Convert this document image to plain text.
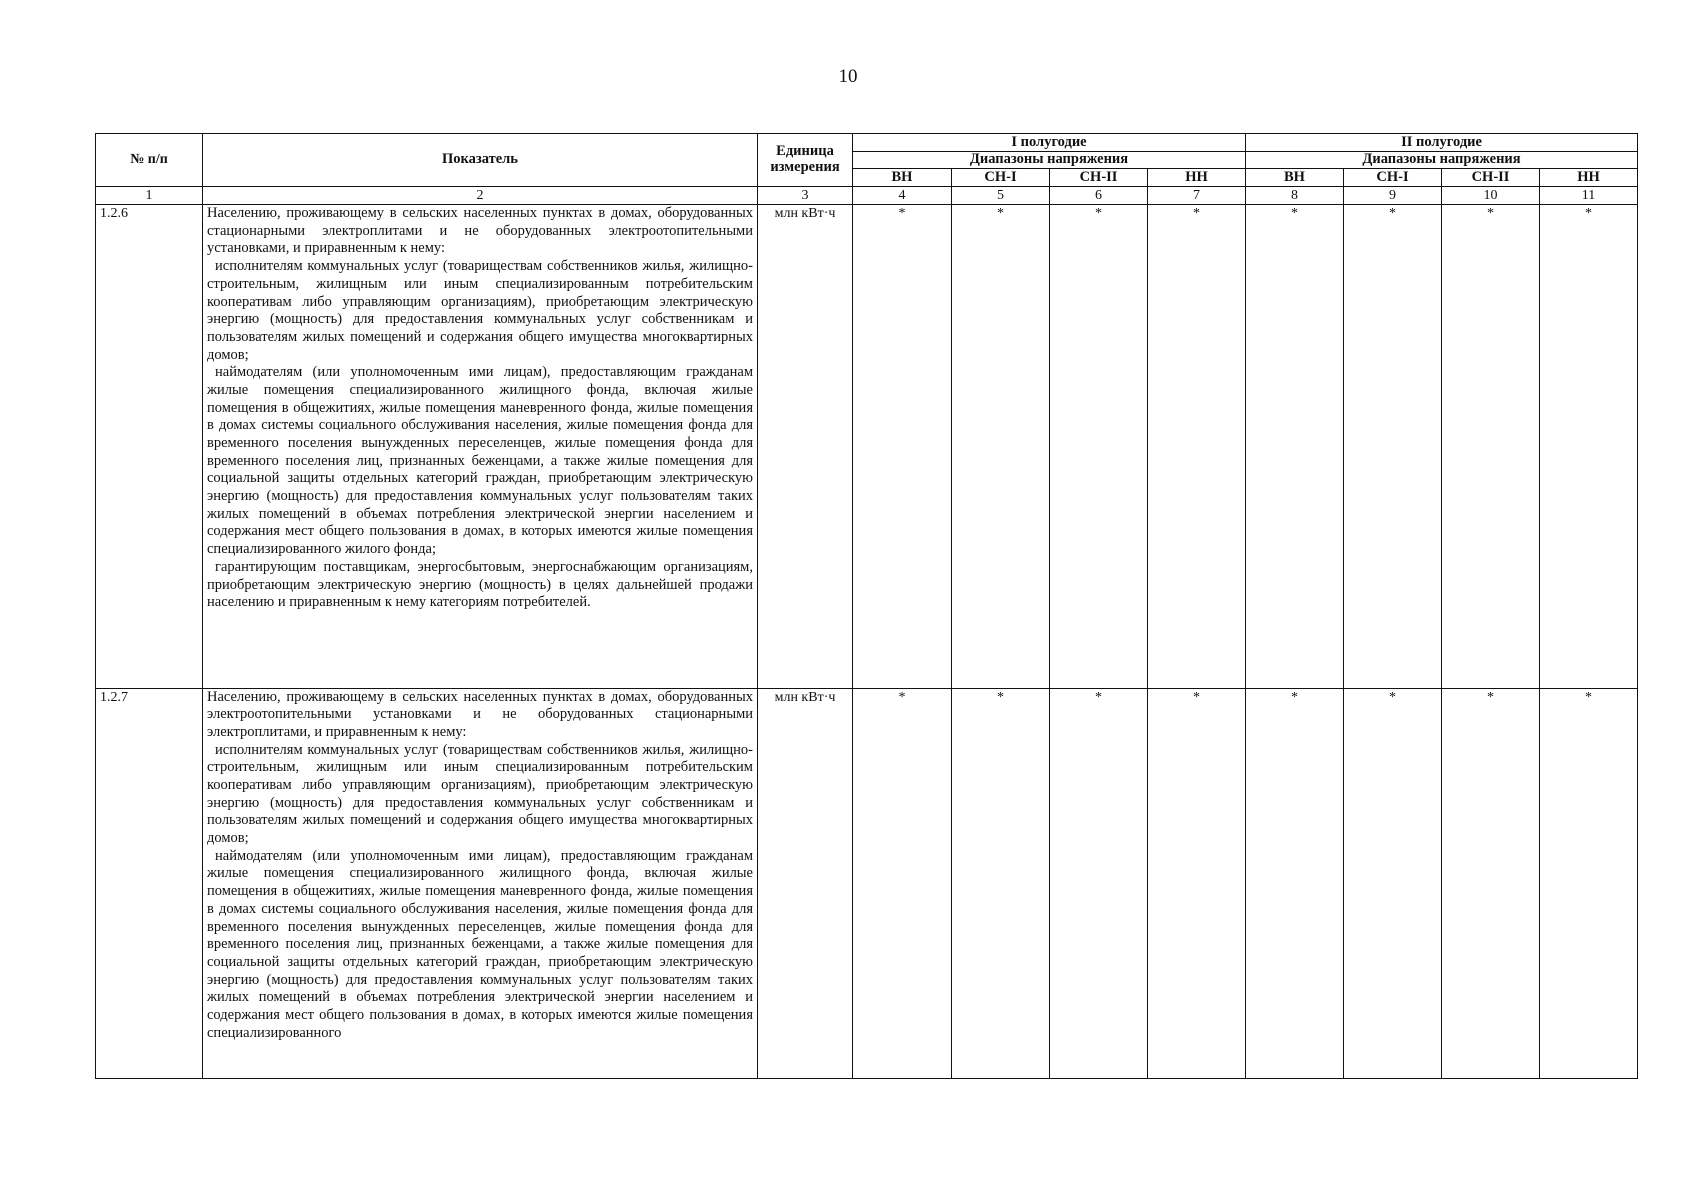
10
№ п/п	Показатель	Единица измерения	I полугодие				II полугодие			
			Диапазоны напряжения				Диапазоны напряжения			
			ВН	СН-I	СН-II	НН	ВН	СН-I	СН-II	НН
1	2	3	4	5	6	7	8	9	10	11
1.2.6	Населению, проживающему в сельских населенных пунктах в домах, оборудованных стационарными электроплитами и не оборудованных электроотопительными установками, и приравненным к нему:

исполнителям коммунальных услуг (товариществам собственников жилья, жилищно-строительным, жилищным или иным специализированным потребительским кооперативам либо управляющим организациям), приобретающим электрическую энергию (мощность) для предоставления коммунальных услуг собственникам и пользователям жилых помещений и содержания общего имущества многоквартирных домов;

наймодателям (или уполномоченным ими лицам), предоставляющим гражданам жилые помещения специализированного жилищного фонда, включая жилые помещения в общежитиях, жилые помещения маневренного фонда, жилые помещения в домах системы социального обслуживания населения, жилые помещения фонда для временного поселения вынужденных переселенцев, жилые помещения фонда для временного поселения лиц, признанных беженцами, а также жилые помещения для социальной защиты отдельных категорий граждан, приобретающим электрическую энергию (мощность) для предоставления коммунальных услуг пользователям таких жилых помещений в объемах потребления электрической энергии населением и содержания мест общего пользования в домах, в которых имеются жилые помещения специализированного жилого фонда;

гарантирующим поставщикам, энергосбытовым, энергоснабжающим организациям, приобретающим электрическую энергию (мощность) в целях дальнейшей продажи населению и приравненным к нему категориям потребителей.	млн кВт·ч	*	*	*	*	*	*	*	*
1.2.7	Населению, проживающему в сельских населенных пунктах в домах, оборудованных электроотопительными установками и не оборудованных стационарными электроплитами, и приравненным к нему:

исполнителям коммунальных услуг (товариществам собственников жилья, жилищно-строительным, жилищным или иным специализированным потребительским кооперативам либо управляющим организациям), приобретающим электрическую энергию (мощность) для предоставления коммунальных услуг собственникам и пользователям жилых помещений и содержания общего имущества многоквартирных домов;

наймодателям (или уполномоченным ими лицам), предоставляющим гражданам жилые помещения специализированного жилищного фонда, включая жилые помещения в общежитиях, жилые помещения маневренного фонда, жилые помещения в домах системы социального обслуживания населения, жилые помещения фонда для временного поселения вынужденных переселенцев, жилые помещения фонда для временного поселения лиц, признанных беженцами, а также жилые помещения для социальной защиты отдельных категорий граждан, приобретающим электрическую энергию (мощность) для предоставления коммунальных услуг пользователям таких жилых помещений в объемах потребления электрической энергии населением и содержания мест общего пользования в домах, в которых имеются жилые помещения специализированного	млн кВт·ч	*	*	*	*	*	*	*	*
